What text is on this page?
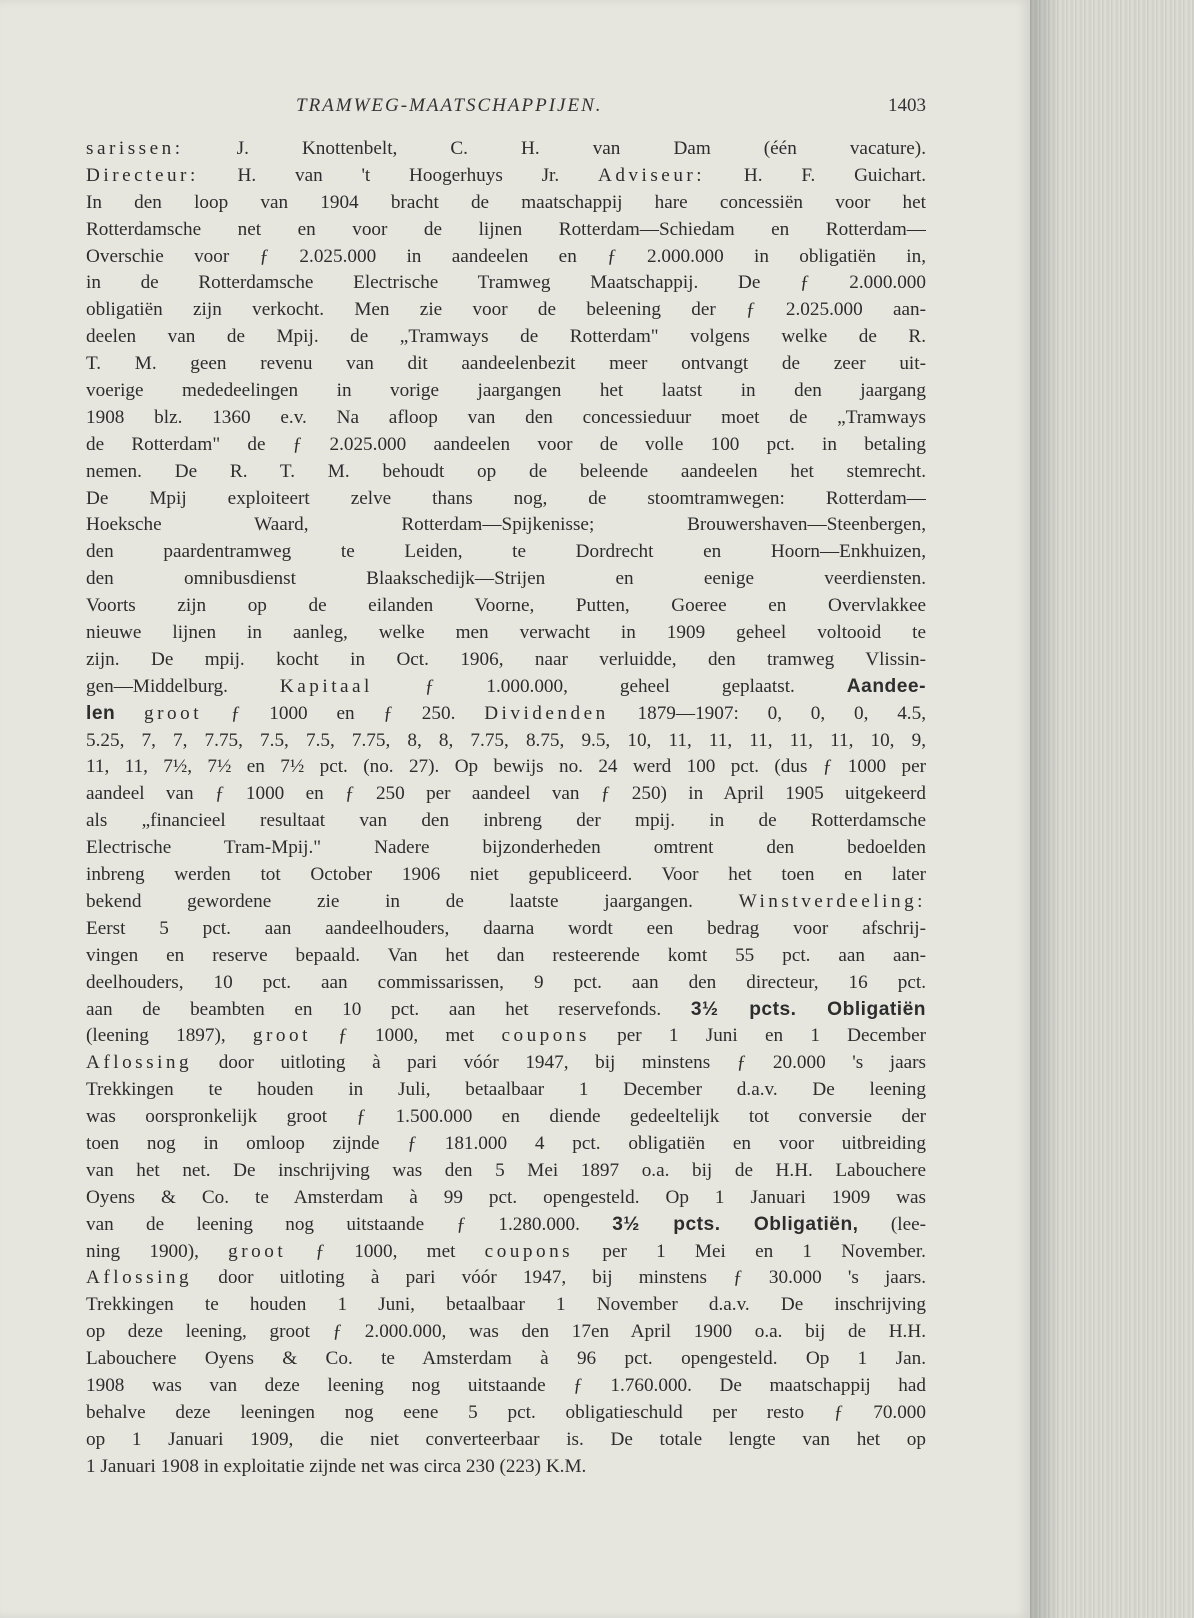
TRAMWEG-MAATSCHAPPIJEN.	1403
sarissen: J. Knottenbelt, C. H. van Dam (één vacature).
Directeur: H. van 't Hoogerhuys Jr. Adviseur: H. F. Guichart.
In den loop van 1904 bracht de maatschappij hare concessiën voor het
Rotterdamsche net en voor de lijnen Rotterdam—Schiedam en Rotterdam—
Overschie voor ƒ 2.025.000 in aandeelen en ƒ 2.000.000 in obligatiën in,
in de Rotterdamsche Electrische Tramweg Maatschappij. De ƒ 2.000.000
obligatiën zijn verkocht. Men zie voor de beleening der ƒ 2.025.000 aan-
deelen van de Mpij. de „Tramways de Rotterdam" volgens welke de R.
T. M. geen revenu van dit aandeelenbezit meer ontvangt de zeer uit-
voerige mededeelingen in vorige jaargangen het laatst in den jaargang
1908 blz. 1360 e.v. Na afloop van den concessieduur moet de „Tramways
de Rotterdam" de ƒ 2.025.000 aandeelen voor de volle 100 pct. in betaling
nemen. De R. T. M. behoudt op de beleende aandeelen het stemrecht.
De Mpij exploiteert zelve thans nog, de stoomtramwegen: Rotterdam—
Hoeksche Waard, Rotterdam—Spijkenisse; Brouwershaven—Steenbergen,
den paardentramweg te Leiden, te Dordrecht en Hoorn—Enkhuizen,
den omnibusdienst Blaakschedijk—Strijen en eenige veerdiensten.
Voorts zijn op de eilanden Voorne, Putten, Goeree en Overvlakkee
nieuwe lijnen in aanleg, welke men verwacht in 1909 geheel voltooid te
zijn. De mpij. kocht in Oct. 1906, naar verluidde, den tramweg Vlissin-
gen—Middelburg. Kapitaal ƒ 1.000.000, geheel geplaatst. Aandee-
len groot ƒ 1000 en ƒ 250. Dividenden 1879—1907: 0, 0, 0, 4.5,
5.25, 7, 7, 7.75, 7.5, 7.5, 7.75, 8, 8, 7.75, 8.75, 9.5, 10, 11, 11, 11, 11, 11, 10, 9,
11, 11, 7½, 7½ en 7½ pct. (no. 27). Op bewijs no. 24 werd 100 pct. (dus ƒ 1000 per
aandeel van ƒ 1000 en ƒ 250 per aandeel van ƒ 250) in April 1905 uitgekeerd
als „financieel resultaat van den inbreng der mpij. in de Rotterdamsche
Electrische Tram-Mpij." Nadere bijzonderheden omtrent den bedoelden
inbreng werden tot October 1906 niet gepubliceerd. Voor het toen en later
bekend gewordene zie in de laatste jaargangen. Winstverdeeling:
Eerst 5 pct. aan aandeelhouders, daarna wordt een bedrag voor afschrij-
vingen en reserve bepaald. Van het dan resteerende komt 55 pct. aan aan-
deelhouders, 10 pct. aan commissarissen, 9 pct. aan den directeur, 16 pct.
aan de beambten en 10 pct. aan het reservefonds. 3½ pcts. Obligatiën
(leening 1897), groot ƒ 1000, met coupons per 1 Juni en 1 December
Aflossing door uitloting à pari vóór 1947, bij minstens ƒ 20.000 's jaars
Trekkingen te houden in Juli, betaalbaar 1 December d.a.v. De leening
was oorspronkelijk groot ƒ 1.500.000 en diende gedeeltelijk tot conversie der
toen nog in omloop zijnde ƒ 181.000 4 pct. obligatiën en voor uitbreiding
van het net. De inschrijving was den 5 Mei 1897 o.a. bij de H.H. Labouchere
Oyens & Co. te Amsterdam à 99 pct. opengesteld. Op 1 Januari 1909 was
van de leening nog uitstaande ƒ 1.280.000. 3½ pcts. Obligatiën, (lee-
ning 1900), groot ƒ 1000, met coupons per 1 Mei en 1 November.
Aflossing door uitloting à pari vóór 1947, bij minstens ƒ 30.000 's jaars.
Trekkingen te houden 1 Juni, betaalbaar 1 November d.a.v. De inschrijving
op deze leening, groot ƒ 2.000.000, was den 17en April 1900 o.a. bij de H.H.
Labouchere Oyens & Co. te Amsterdam à 96 pct. opengesteld. Op 1 Jan.
1908 was van deze leening nog uitstaande ƒ 1.760.000. De maatschappij had
behalve deze leeningen nog eene 5 pct. obligatieschuld per resto ƒ 70.000
op 1 Januari 1909, die niet converteerbaar is. De totale lengte van het op
1 Januari 1908 in exploitatie zijnde net was circa 230 (223) K.M.
